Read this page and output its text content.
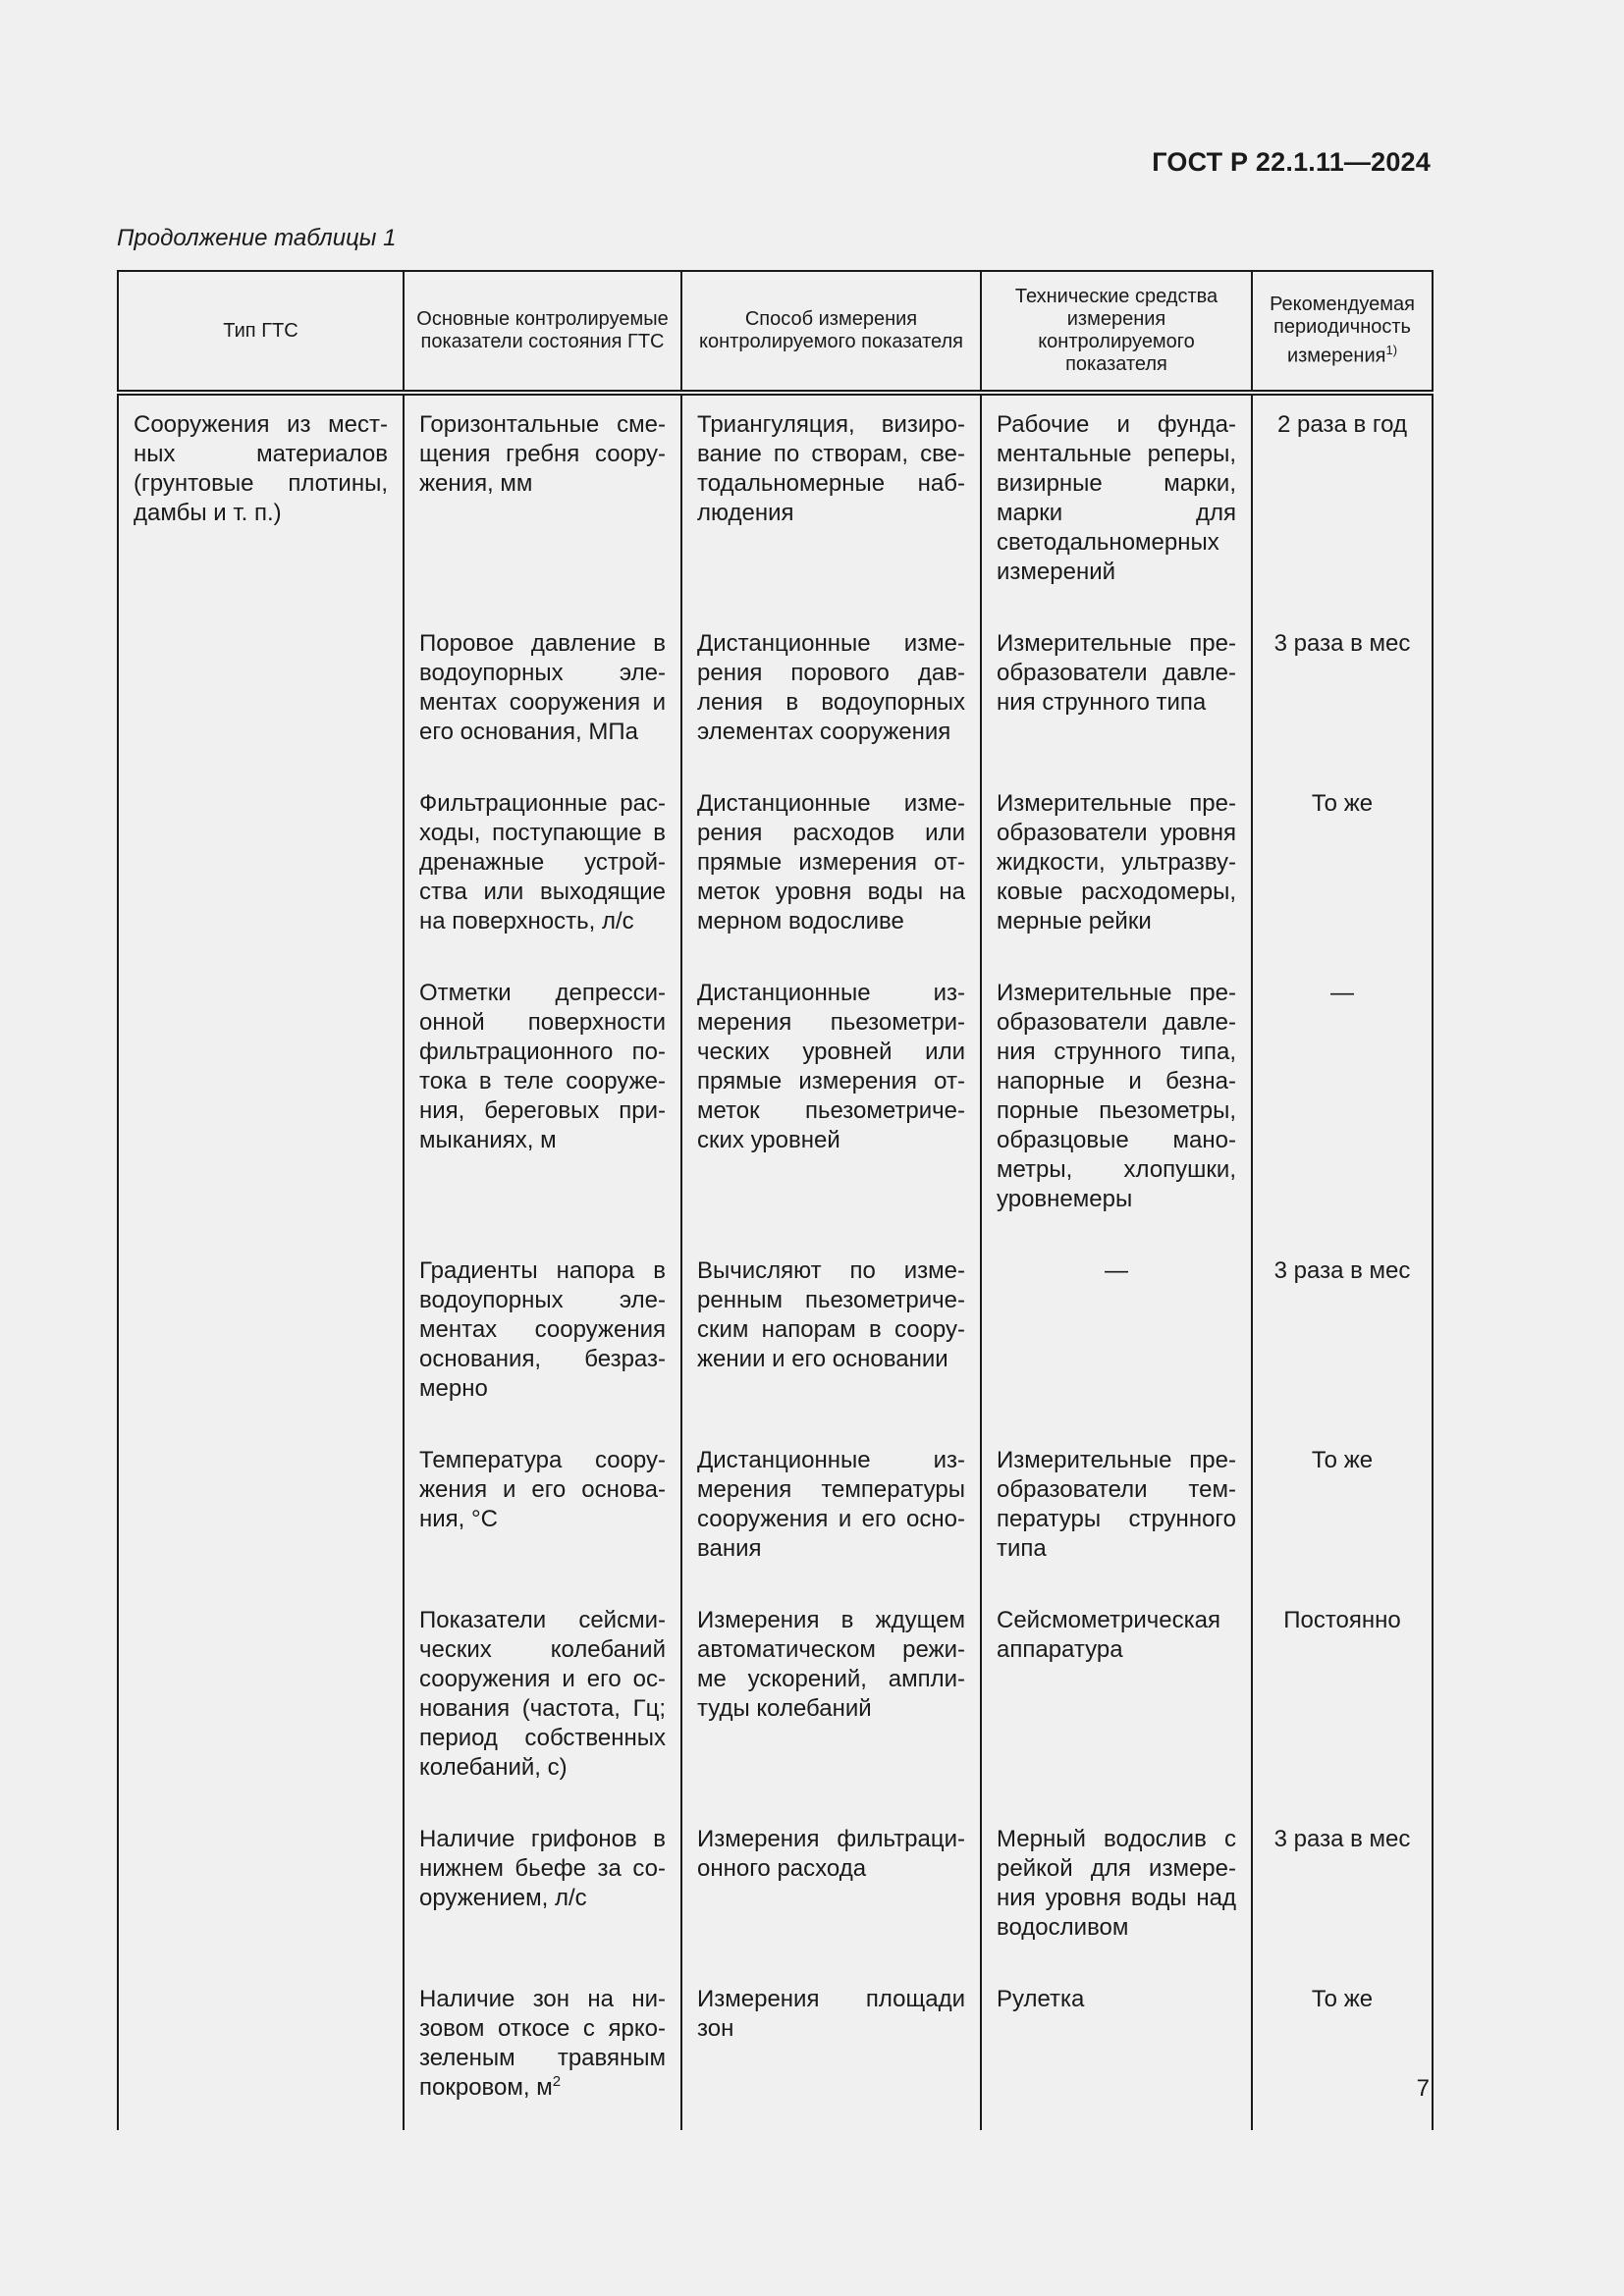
ГОСТ Р 22.1.11—2024
Продолжение таблицы 1
Тип ГТС	Основные контролируемые показатели состояния ГТС	Способ измерения контролируемого показателя	Технические средства измерения контролируемого показателя	Рекомендуемая периодичность измерения$^{1)}$
Сооружения из местных материалов (грунтовые плотины, дамбы и т. п.)	Горизонтальные смещения гребня сооружения, мм	Триангуляция, визирование по створам, светодальномерные наблюдения	Рабочие и фундаментальные реперы, визирные марки, марки для светодальномерных измерений	2 раза в год
	Поровое давление в водоупорных элементах сооружения и его основания, МПа	Дистанционные измерения порового давления в водоупорных элементах сооружения	Измерительные преобразователи давления струнного типа	3 раза в мес
	Фильтрационные расходы, поступающие в дренажные устройства или выходящие на поверхность, л/с	Дистанционные измерения расходов или прямые измерения отметок уровня воды на мерном водосливе	Измерительные преобразователи уровня жидкости, ультразвуковые расходомеры, мерные рейки	То же
	Отметки депрессионной поверхности фильтрационного потока в теле сооружения, береговых примыканиях, м	Дистанционные измерения пьезометрических уровней или прямые измерения отметок пьезометрических уровней	Измерительные преобразователи давления струнного типа, напорные и безнапорные пьезометры, образцовые манометры, хлопушки, уровнемеры	—
	Градиенты напора в водоупорных элементах сооружения основания, безразмерно	Вычисляют по измеренным пьезометрическим напорам в сооружении и его основании	—	3 раза в мес
	Температура сооружения и его основания, °С	Дистанционные измерения температуры сооружения и его основания	Измерительные преобразователи температуры струнного типа	То же
	Показатели сейсмических колебаний сооружения и его основания (частота, Гц; период собственных колебаний, с)	Измерения в ждущем автоматическом режиме ускорений, амплитуды колебаний	Сейсмометрическая аппаратура	Постоянно
	Наличие грифонов в нижнем бьефе за сооружением, л/с	Измерения фильтрационного расхода	Мерный водослив с рейкой для измерения уровня воды над водосливом	3 раза в мес
	Наличие зон на низовом откосе с яркозеленым травяным покровом, $м^2$	Измерения площади зон	Рулетка	То же
7
